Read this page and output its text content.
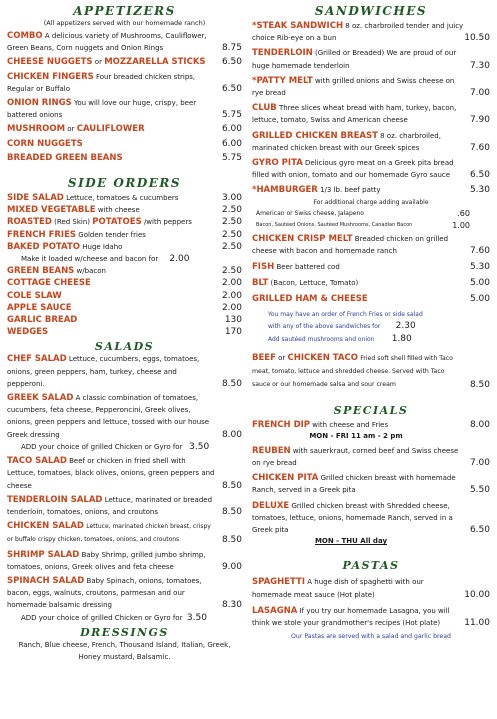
APPETIZERS
(All appetizers served with our homemade ranch)
COMBO A delicious variety of Mushrooms, Cauliflower, Green Beans, Corn nuggets and Onion Rings	8.75
CHEESE NUGGETS or MOZZARELLA STICKS 6.50
CHICKEN FINGERS Four breaded chicken strips, Regular or Buffalo	6.50
ONION RINGS You will love our huge, crispy, beer battered onions	5.75
MUSHROOM or CAULIFLOWER	6.00
CORN NUGGETS	6.00
BREADED GREEN BEANS	5.75
SIDE ORDERS
SIDE SALAD Lettuce, tomatoes & cucumbers	3.00
MIXED VEGETABLE with cheese	2.50
ROASTED (Red Skin) POTATOES /with peppers	2.50
FRENCH FRIES Golden tender fries	2.50
BAKED POTATO Huge Idaho	2.50
Make it loaded w/cheese and bacon for 2.00
GREEN BEANS w/bacon	2.50
COTTAGE CHEESE	2.00
COLE SLAW	2.00
APPLE SAUCE	2.00
GARLIC BREAD	130
WEDGES	170
SALADS
CHEF SALAD Lettuce, cucumbers, eggs, tomatoes, onions, green peppers, ham, turkey, cheese and pepperoni.	8.50
GREEK SALAD A classic combination of tomatoes, cucumbers, feta cheese, Pepperoncini, Greek olives, onions, green peppers and lettuce, tossed with our house Greek dressing	8.00
ADD your choice of grilled Chicken or Gyro for 3.50
TACO SALAD Beef or chicken in fried shell with Lettuce, tomatoes, black olives, onions, green peppers and cheese	8.50
TENDERLOIN SALAD Lettuce, marinated or breaded tenderloin, tomatoes, onions, and croutons	8.50
CHICKEN SALAD Lettuce, marinated chicken breast, crispy or buffalo crispy chicken, tomatoes, onions, and croutons	8.50
SHRIMP SALAD Baby Shrimp, grilled jumbo shrimp, tomatoes, onions, Greek olives and feta cheese	9.00
SPINACH SALAD Baby Spinach, onions, tomatoes, bacon, eggs, walnuts, croutons, parmesan and our homemade balsamic dressing	8.30
ADD your choice of grilled Chicken or Gyro for 3.50
DRESSINGS
Ranch, Blue cheese, French, Thousand Island, Italian, Greek, Honey mustard, Balsamic.
SANDWICHES
*STEAK SANDWICH 8 oz. charbroiled tender and juicy choice Rib-eye on a bun	10.50
TENDERLOIN (Grilled or Breaded) We are proud of our huge homemade tenderloin	7.30
*PATTY MELT with grilled onions and Swiss cheese on rye bread	7.00
CLUB Three slices wheat bread with ham, turkey, bacon, lettuce, tomato, Swiss and American cheese	7.90
GRILLED CHICKEN BREAST 8 oz. charbroiled, marinated chicken breast with our Greek spices	7.60
GYRO PITA Delicious gyro meat on a Greek pita bread filled with onion, tomato and our homemade Gyro sauce 6.50
*HAMBURGER 1/3 lb. beef patty	5.30
For additional charge adding available
American or Swiss cheese, Jalapeno	.60
Bacon, Sautéed Onions, Sautéed Mushrooms, Canadian Bacon	1.00
CHICKEN CRISP MELT Breaded chicken on grilled cheese with bacon and homemade ranch	7.60
FISH Beer battered cod	5.30
BLT (Bacon, Lettuce, Tomato)	5.00
GRILLED HAM & CHEESE	5.00
You may have an order of French Fries or side salad
with any of the above sandwiches for 2.30
Add sautéed mushrooms and onion 1.80
BEEF or CHICKEN TACO Fried soft shell filled with Taco meat, tomato, lettuce and shredded cheese. Served with Taco sauce or our homemade salsa and sour cream	8.50
SPECIALS
FRENCH DIP with cheese and Fries	8.00
MON - FRI 11 am - 2 pm
REUBEN with sauerkraut, corned beef and Swiss cheese on rye bread	7.00
CHICKEN PITA Grilled chicken breast with homemade Ranch, served in a Greek pita	5.50
DELUXE Grilled chicken breast with Shredded cheese, tomatoes, lettuce, onions, homemade Ranch, served in a Greek pita	6.50
MON - THU All day
PASTAS
SPAGHETTI A huge dish of spaghetti with our homemade meat sauce (Hot plate)	10.00
LASAGNA If you try our homemade Lasagna, you will think we stole your grandmother's recipes (Hot plate)	11.00
Our Pastas are served with a salad and garlic bread
